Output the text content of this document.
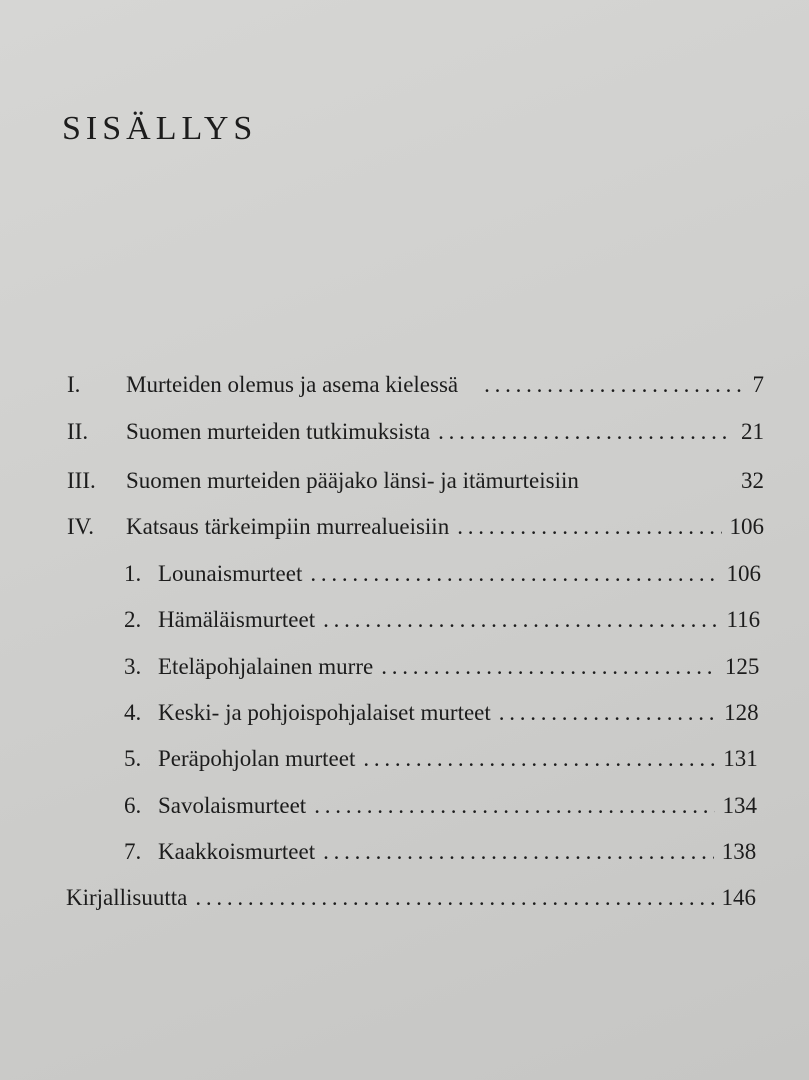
SISÄLLYS
I.	Murteiden olemus ja asema kielessä . . .	7
II.	Suomen murteiden tutkimuksista . . .	21
III.	Suomen murteiden pääjako länsi- ja itämurteisiin	32
IV.	Katsaus tärkeimpiin murrealueisiin . . .	106
1. Lounaismurteet . . .	106
2. Hämäläismurteet . . .	116
3. Eteläpohjalainen murre . . .	125
4. Keski- ja pohjoispohjalaiset murteet . . .	128
5. Peräpohjolan murteet . . .	131
6. Savolaismurteet . . .	134
7. Kaakkoismurteet . . .	138
Kirjallisuutta . . .	146
